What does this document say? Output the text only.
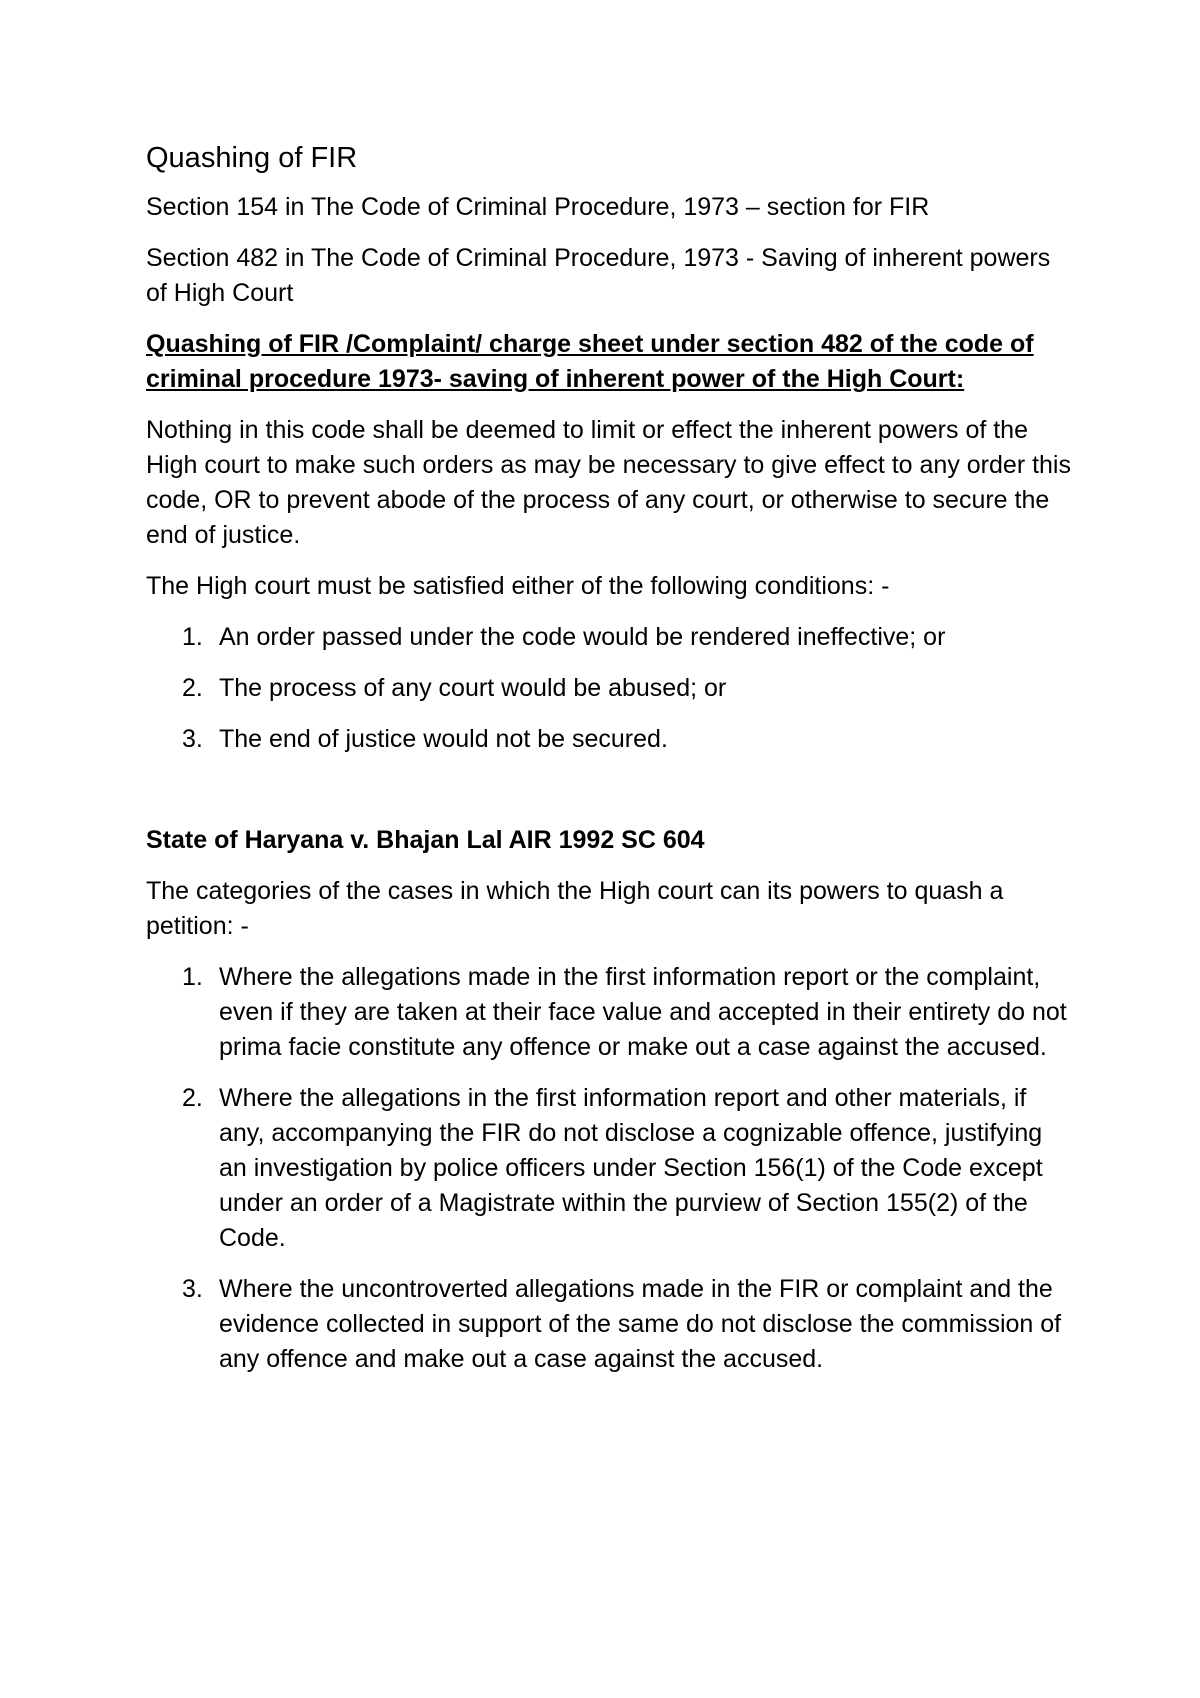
Quashing of FIR

Section 154 in The Code of Criminal Procedure, 1973 – section for FIR

Section 482 in The Code of Criminal Procedure, 1973 - Saving of inherent powers of High Court

Quashing of FIR /Complaint/ charge sheet under section 482 of the code of criminal procedure 1973- saving of inherent power of the High Court:

Nothing in this code shall be deemed to limit or effect the inherent powers of the High court to make such orders as may be necessary to give effect to any order this code, OR to prevent abode of the process of any court, or otherwise to secure the end of justice.

The High court must be satisfied either of the following conditions: -

1. An order passed under the code would be rendered ineffective; or
2. The process of any court would be abused; or
3. The end of justice would not be secured.

State of Haryana v. Bhajan Lal AIR 1992 SC 604

The categories of the cases in which the High court can its powers to quash a petition: -

1. Where the allegations made in the first information report or the complaint, even if they are taken at their face value and accepted in their entirety do not prima facie constitute any offence or make out a case against the accused.
2. Where the allegations in the first information report and other materials, if any, accompanying the FIR do not disclose a cognizable offence, justifying an investigation by police officers under Section 156(1) of the Code except under an order of a Magistrate within the purview of Section 155(2) of the Code.
3. Where the uncontroverted allegations made in the FIR or complaint and the evidence collected in support of the same do not disclose the commission of any offence and make out a case against the accused.
